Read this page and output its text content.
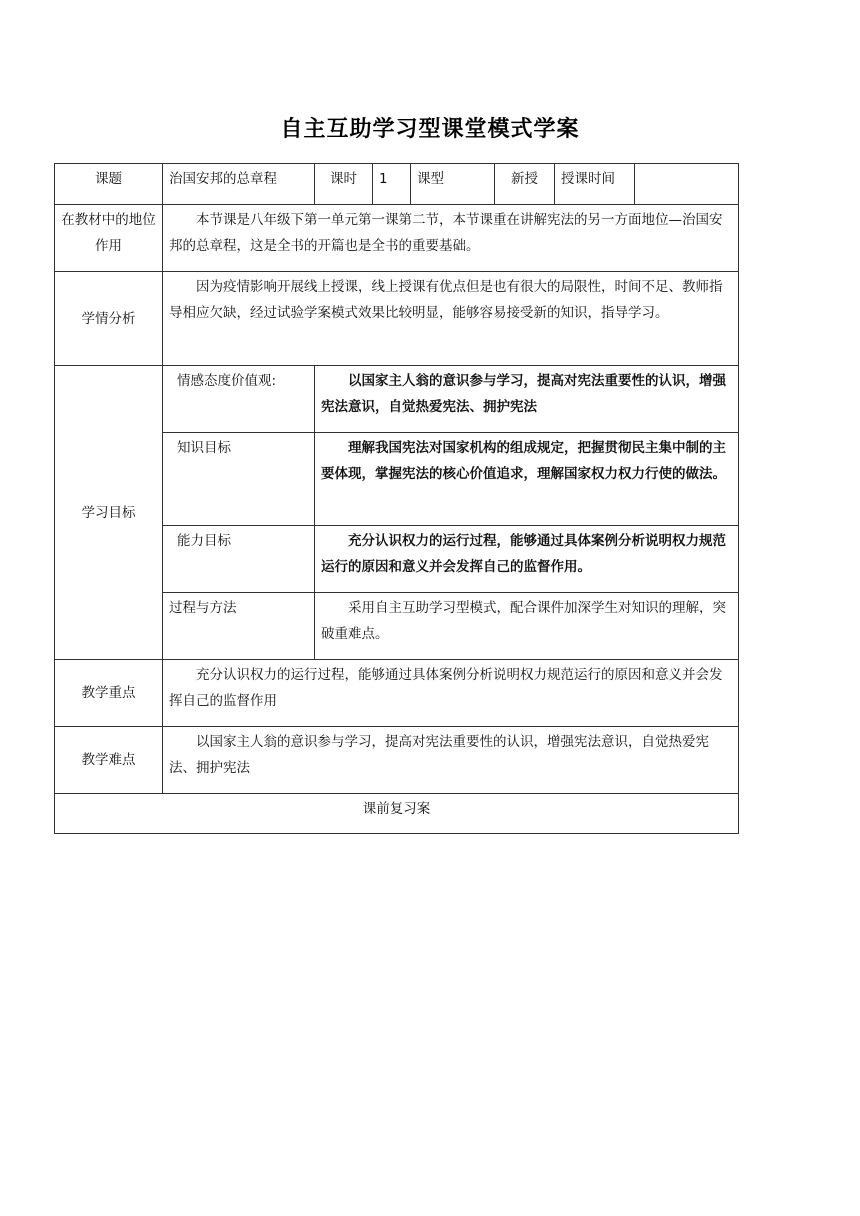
自主互助学习型课堂模式学案
课题	治国安邦的总章程	课时	1	课型	新授	授课时间	
在教材中的地位作用	本节课是八年级下第一单元第一课第二节，本节课重在讲解宪法的另一方面地位—治国安邦的总章程，这是全书的开篇也是全书的重要基础。						
学情分析	因为疫情影响开展线上授课，线上授课有优点但是也有很大的局限性，时间不足、教师指导相应欠缺，经过试验学案模式效果比较明显，能够容易接受新的知识，指导学习。						
学习目标	情感态度价值观:	以国家主人翁的意识参与学习，提高对宪法重要性的认识，增强宪法意识，自觉热爱宪法、拥护宪法					
	知识目标	理解我国宪法对国家机构的组成规定，把握贯彻民主集中制的主要体现，掌握宪法的核心价值追求，理解国家权力权力行使的做法。					
	能力目标	充分认识权力的运行过程，能够通过具体案例分析说明权力规范运行的原因和意义并会发挥自己的监督作用。					
	过程与方法	采用自主互助学习型模式，配合课件加深学生对知识的理解，突破重难点。					
教学重点	充分认识权力的运行过程，能够通过具体案例分析说明权力规范运行的原因和意义并会发挥自己的监督作用						
教学难点	以国家主人翁的意识参与学习，提高对宪法重要性的认识，增强宪法意识，自觉热爱宪法、拥护宪法						
课前复习案							
